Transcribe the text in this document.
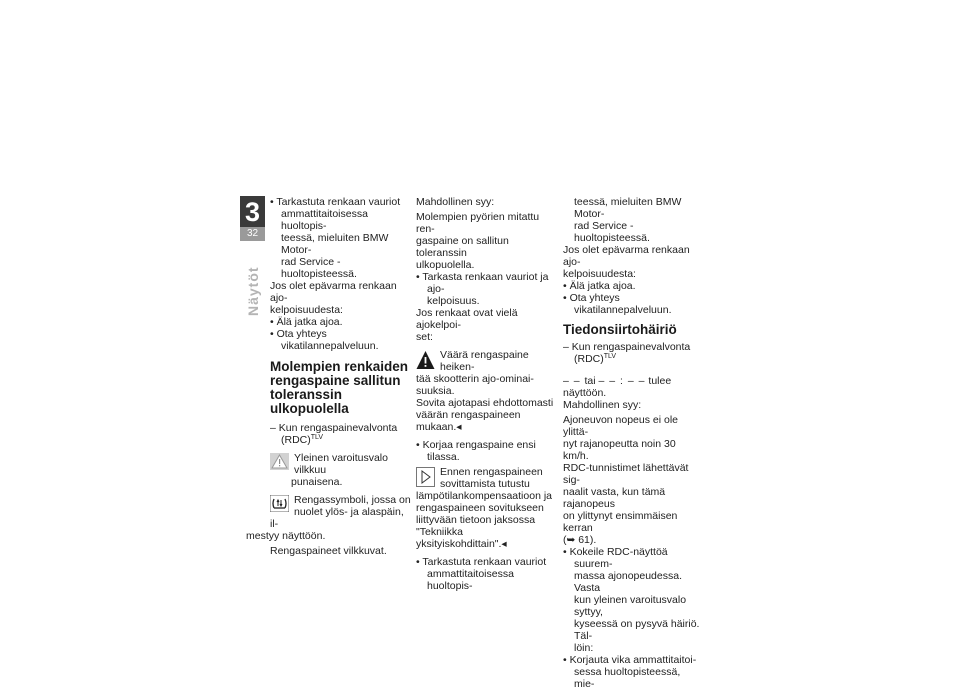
3
32
Näytöt

• Tarkastuta renkaan vauriot
ammattitaitoisessa huoltopis-
teessä, mieluiten BMW Motor-
rad Service -huoltopisteessä.

Jos olet epävarma renkaan ajo-
kelpoisuudesta:

• Älä jatka ajoa.

• Ota yhteys vikatilannepalveluun.

Molempien renkaiden
rengaspaine sallitun
toleranssin ulkopuolella

– Kun rengaspainevalvonta
(RDC)$^{TLV}$

Yleinen varoitusvalo vilkkuu
punaisena.

Rengassymboli, jossa on
nuolet ylös- ja alaspäin, il-
mestyy näyttöön.

Rengaspaineet vilkkuvat.

Mahdollinen syy:

Molempien pyörien mitattu ren-
gaspaine on sallitun toleranssin
ulkopuolella.

• Tarkasta renkaan vauriot ja ajo-
kelpoisuus.

Jos renkaat ovat vielä ajokelpoi-
set:

Väärä rengaspaine heiken-
tää skootterin ajo-ominai-

suuksia.
Sovita ajotapasi ehdottomasti
väärän rengaspaineen mukaan.◂

• Korjaa rengaspaine ensi tilassa.

Ennen rengaspaineen
sovittamista tutustu

lämpötilankompensaatioon ja
rengaspaineen sovitukseen
liittyvään tietoon jaksossa
"Tekniikka yksityiskohdittain".◂

• Tarkastuta renkaan vauriot
ammattitaitoisessa huoltopis-

teessä, mieluiten BMW Motor-
rad Service -huoltopisteessä.

Jos olet epävarma renkaan ajo-
kelpoisuudesta:

• Älä jatka ajoa.

• Ota yhteys vikatilannepalveluun.

Tiedonsiirtohäiriö

– Kun rengaspainevalvonta
(RDC)$^{TLV}$

– – tai – – : – – tulee näyttöön.

Mahdollinen syy:

Ajoneuvon nopeus ei ole ylittä-
nyt rajanopeutta noin 30 km/h.
RDC-tunnistimet lähettävät sig-
naalit vasta, kun tämä rajanopeus
on ylittynyt ensimmäisen kerran
(➥ 61).

• Kokeile RDC-näyttöä suurem-
massa ajonopeudessa. Vasta
kun yleinen varoitusvalo syttyy,
kyseessä on pysyvä häiriö. Täl-
löin:

• Korjauta vika ammattitaitoi-
sessa huoltopisteessä, mie-
